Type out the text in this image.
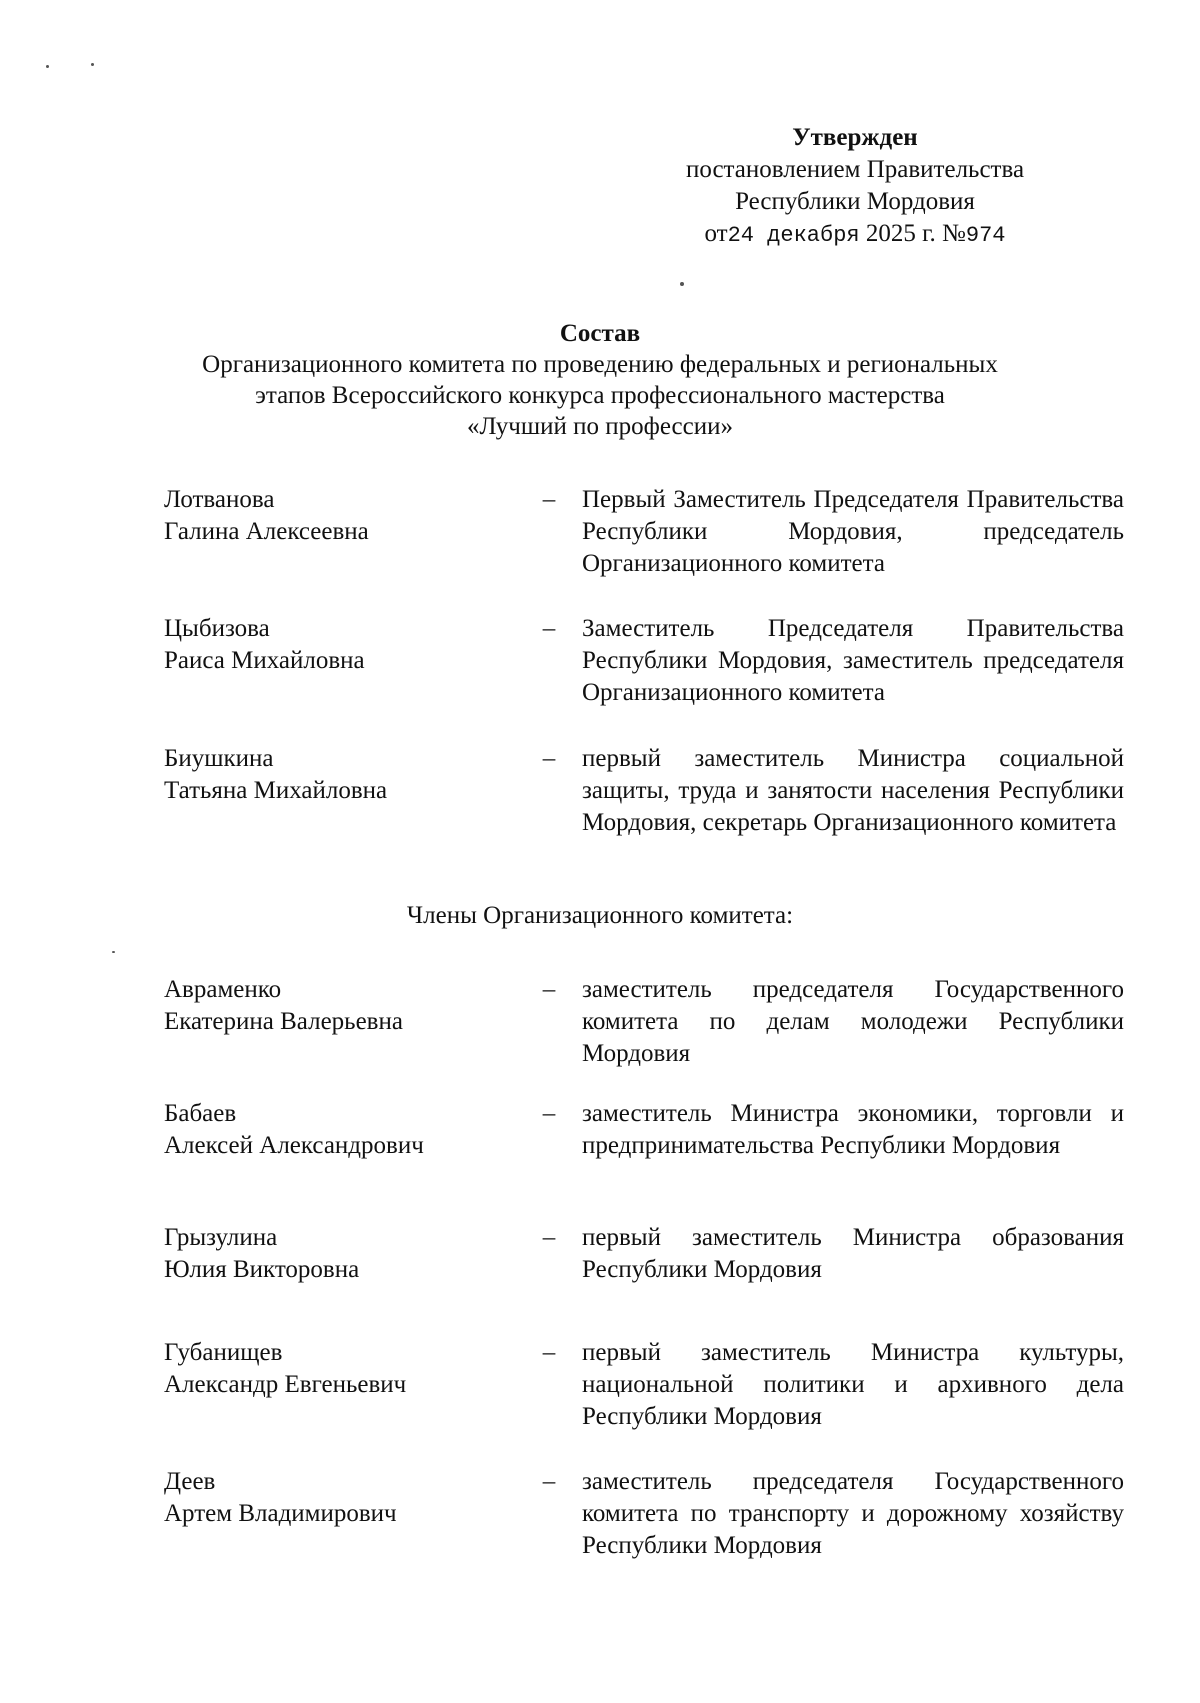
Утвержден
постановлением Правительства
Республики Мордовия
от24 декабря 2025 г. №974
Состав
Организационного комитета по проведению федеральных и региональных
этапов Всероссийского конкурса профессионального мастерства
«Лучший по профессии»
Лотванова
Галина Алексеевна
–	Первый Заместитель Председателя Правительства Республики Мордовия, председатель Организационного комитета
Цыбизова
Раиса Михайловна
–	Заместитель Председателя Правительства Республики Мордовия, заместитель председателя Организационного комитета
Биушкина
Татьяна Михайловна
–	первый заместитель Министра социальной защиты, труда и занятости населения Республики Мордовия, секретарь Организационного комитета
Члены Организационного комитета:
Авраменко
Екатерина Валерьевна
–	заместитель председателя Государственного комитета по делам молодежи Республики Мордовия
Бабаев
Алексей Александрович
–	заместитель Министра экономики, торговли и предпринимательства Республики Мордовия
Грызулина
Юлия Викторовна
–	первый заместитель Министра образования Республики Мордовия
Губанищев
Александр Евгеньевич
–	первый заместитель Министра культуры, национальной политики и архивного дела Республики Мордовия
Деев
Артем Владимирович
–	заместитель председателя Государственного комитета по транспорту и дорожному хозяйству Республики Мордовия
